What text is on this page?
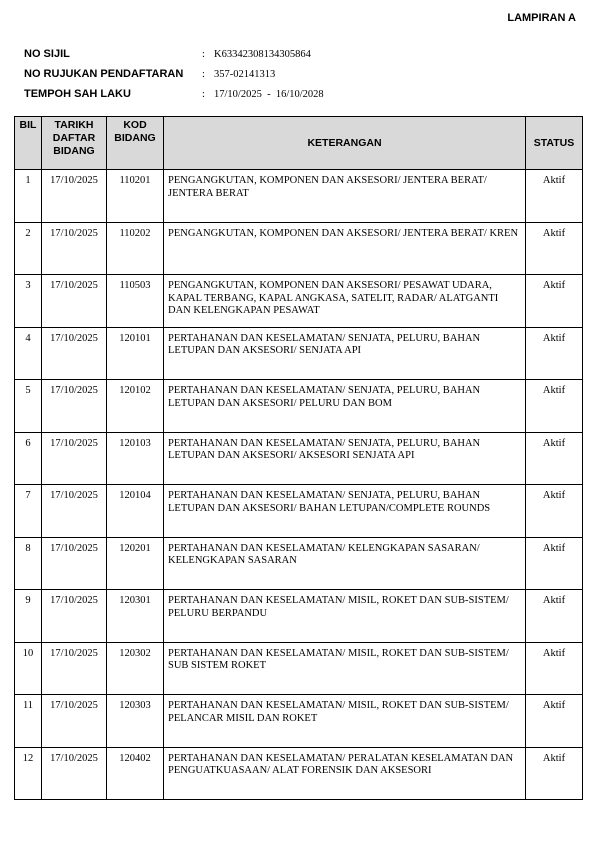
LAMPIRAN A
NO SIJIL	: K63342308134305864
NO RUJUKAN PENDAFTARAN	: 357-02141313
TEMPOH SAH LAKU	: 17/10/2025  -  16/10/2028
BIL	TARIKH DAFTAR BIDANG	KOD BIDANG	KETERANGAN	STATUS
1	17/10/2025	110201	PENGANGKUTAN, KOMPONEN DAN AKSESORI/ JENTERA BERAT/ JENTERA BERAT	Aktif
2	17/10/2025	110202	PENGANGKUTAN, KOMPONEN DAN AKSESORI/ JENTERA BERAT/ KREN	Aktif
3	17/10/2025	110503	PENGANGKUTAN, KOMPONEN DAN AKSESORI/ PESAWAT UDARA, KAPAL TERBANG, KAPAL ANGKASA, SATELIT, RADAR/ ALATGANTI DAN KELENGKAPAN PESAWAT	Aktif
4	17/10/2025	120101	PERTAHANAN DAN KESELAMATAN/ SENJATA, PELURU, BAHAN LETUPAN DAN AKSESORI/ SENJATA API	Aktif
5	17/10/2025	120102	PERTAHANAN DAN KESELAMATAN/ SENJATA, PELURU, BAHAN LETUPAN DAN AKSESORI/ PELURU DAN BOM	Aktif
6	17/10/2025	120103	PERTAHANAN DAN KESELAMATAN/ SENJATA, PELURU, BAHAN LETUPAN DAN AKSESORI/ AKSESORI SENJATA API	Aktif
7	17/10/2025	120104	PERTAHANAN DAN KESELAMATAN/ SENJATA, PELURU, BAHAN LETUPAN DAN AKSESORI/ BAHAN LETUPAN/COMPLETE ROUNDS	Aktif
8	17/10/2025	120201	PERTAHANAN DAN KESELAMATAN/ KELENGKAPAN SASARAN/ KELENGKAPAN SASARAN	Aktif
9	17/10/2025	120301	PERTAHANAN DAN KESELAMATAN/ MISIL, ROKET DAN SUB-SISTEM/ PELURU BERPANDU	Aktif
10	17/10/2025	120302	PERTAHANAN DAN KESELAMATAN/ MISIL, ROKET DAN SUB-SISTEM/ SUB SISTEM ROKET	Aktif
11	17/10/2025	120303	PERTAHANAN DAN KESELAMATAN/ MISIL, ROKET DAN SUB-SISTEM/ PELANCAR MISIL DAN ROKET	Aktif
12	17/10/2025	120402	PERTAHANAN DAN KESELAMATAN/ PERALATAN KESELAMATAN DAN PENGUATKUASAAN/ ALAT FORENSIK DAN AKSESORI	Aktif
